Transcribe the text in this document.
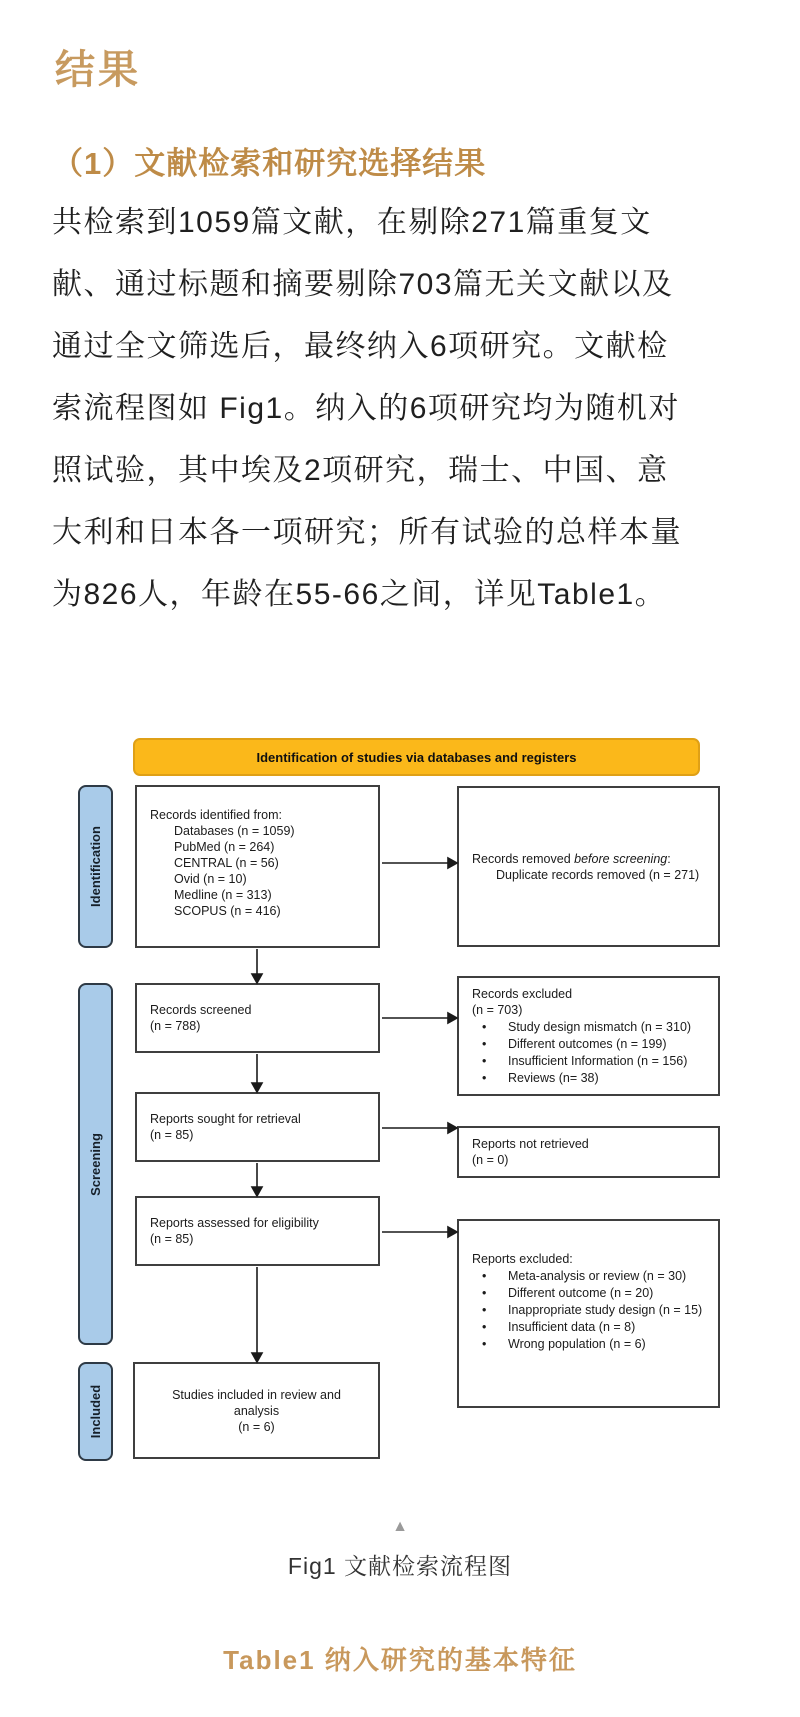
结果
（1）文献检索和研究选择结果
共检索到1059篇文献，在剔除271篇重复文
献、通过标题和摘要剔除703篇无关文献以及
通过全文筛选后，最终纳入6项研究。文献检
索流程图如 Fig1。纳入的6项研究均为随机对
照试验，其中埃及2项研究，瑞士、中国、意
大利和日本各一项研究；所有试验的总样本量
为826人，年龄在55-66之间，详见Table1。
Identification of studies via databases and registers
Identification
Screening
Included
Records identified from:
Databases (n = 1059)
PubMed (n = 264)
CENTRAL (n = 56)
Ovid (n = 10)
Medline (n = 313)
SCOPUS (n = 416)
Records removed before screening:
Duplicate records removed (n = 271)
Records screened
(n = 788)
Records excluded
(n = 703)
• Study design mismatch (n = 310)
• Different outcomes (n = 199)
• Insufficient Information (n = 156)
• Reviews (n= 38)
Reports sought for retrieval
(n = 85)
Reports not retrieved
(n = 0)
Reports assessed for eligibility
(n = 85)
Reports excluded:
• Meta-analysis or review (n = 30)
• Different outcome (n = 20)
• Inappropriate study design (n = 15)
• Insufficient data (n = 8)
• Wrong population (n = 6)
Studies included in review and analysis
(n = 6)
▲
Fig1 文献检索流程图
Table1 纳入研究的基本特征
